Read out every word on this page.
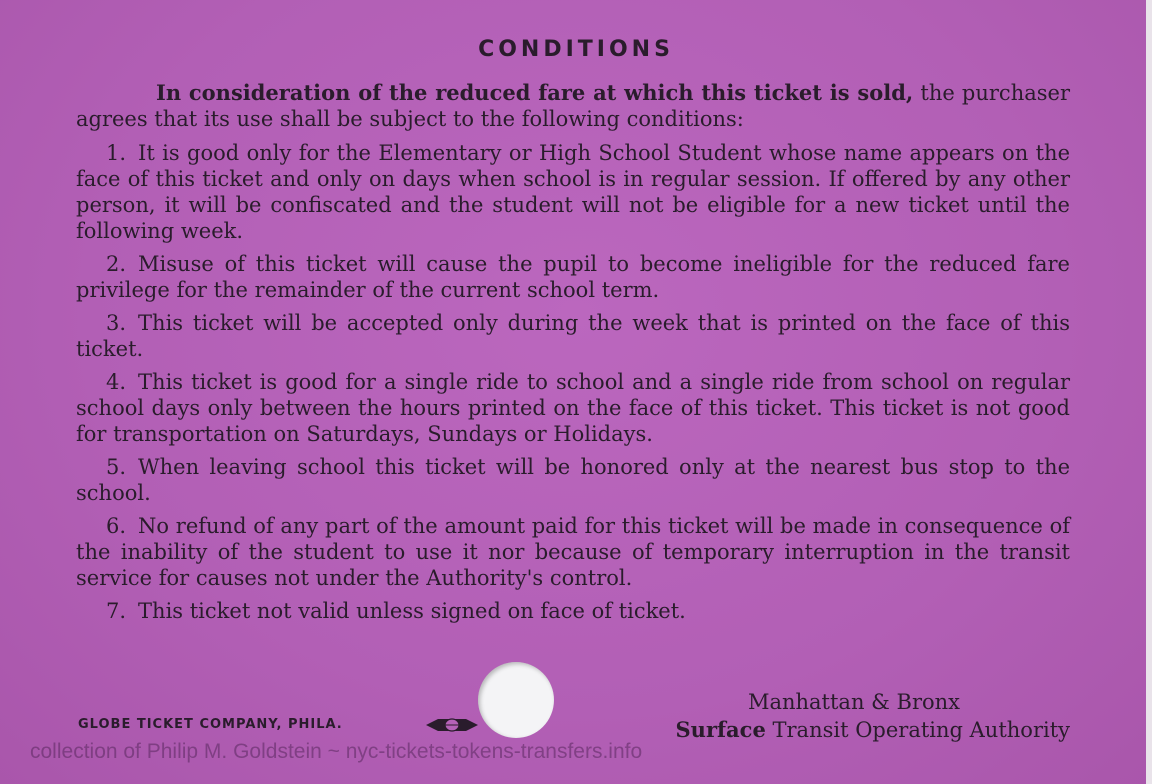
CONDITIONS

In consideration of the reduced fare at which this ticket is sold, the purchaser agrees that its use shall be subject to the following conditions:

1. It is good only for the Elementary or High School Student whose name appears on the face of this ticket and only on days when school is in regular session. If offered by any other person, it will be confiscated and the student will not be eligible for a new ticket until the following week.

2. Misuse of this ticket will cause the pupil to become ineligible for the reduced fare privilege for the remainder of the current school term.

3. This ticket will be accepted only during the week that is printed on the face of this ticket.

4. This ticket is good for a single ride to school and a single ride from school on regular school days only between the hours printed on the face of this ticket. This ticket is not good for transportation on Saturdays, Sundays or Holidays.

5. When leaving school this ticket will be honored only at the nearest bus stop to the school.

6. No refund of any part of the amount paid for this ticket will be made in consequence of the inability of the student to use it nor because of temporary interruption in the transit service for causes not under the Authority's control.

7. This ticket not valid unless signed on face of ticket.

Manhattan & Bronx
Surface Transit Operating Authority
GLOBE TICKET COMPANY, PHILA.
collection of Philip M. Goldstein ~ nyc-tickets-tokens-transfers.info
